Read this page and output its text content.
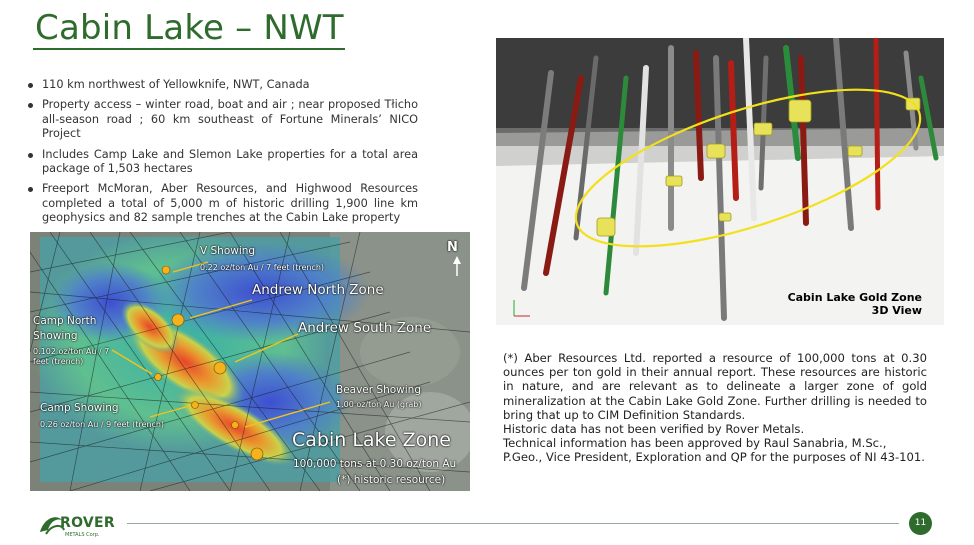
Cabin Lake – NWT
110 km northwest of Yellowknife, NWT, Canada
Property access – winter road, boat and air ; near proposed Tłicho all-season road ; 60 km southeast of Fortune Minerals’ NICO Project
Includes Camp Lake and Slemon Lake properties for a total area package of 1,503 hectares
Freeport McMoran, Aber Resources, and Highwood Resources completed a total of 5,000 m of historic drilling 1,900 line km geophysics and 82 sample trenches at the Cabin Lake property
N
V Showing
0.22 oz/ton Au / 7 feet (trench)
Andrew North Zone
Andrew South Zone
Camp North
Showing
0.102 oz/ton Au / 7
feet (trench)
Beaver Showing
1.00 oz/ton Au (grab)
Camp Showing
0.26 oz/ton Au / 9 feet (trench)
Cabin Lake Zone
100,000 tons at 0.30 oz/ton Au
(*) historic resource)
Cabin Lake Gold Zone
3D View

(*) Aber Resources Ltd. reported a resource of 100,000 tons at 0.30 ounces per ton gold in their annual report. These resources are historic in nature, and are relevant as to delineate a larger zone of gold mineralization at the Cabin Lake Gold Zone. Further drilling is needed to bring that up to CIM Definition Standards.

Historic data has not been verified by Rover Metals.

Technical information has been approved by Raul Sanabria, M.Sc., P.Geo., Vice President, Exploration and QP for the purposes of NI 43-101.

ROVER
METALS Corp.
11
